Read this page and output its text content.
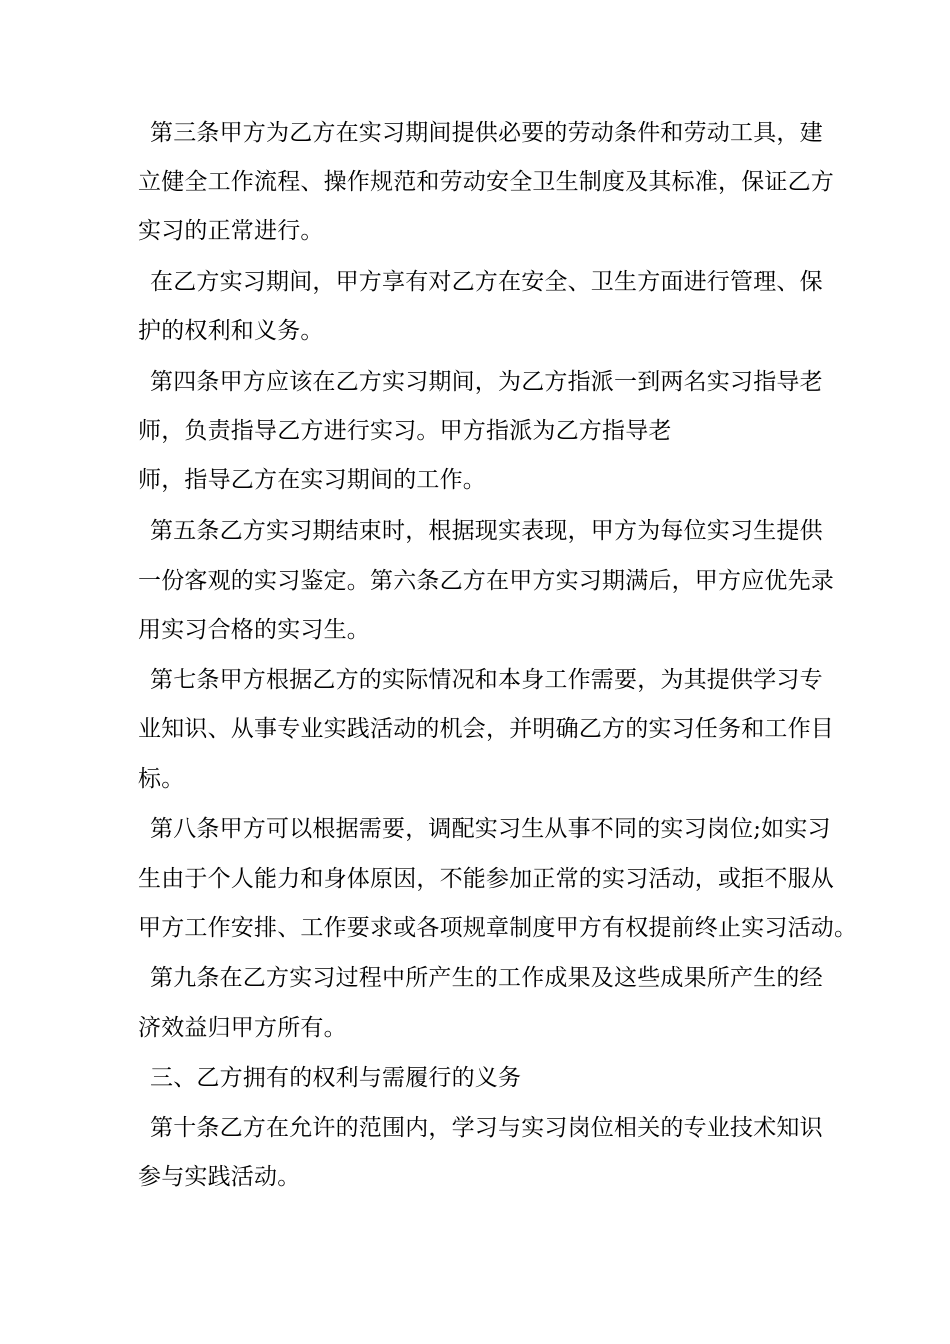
第三条甲方为乙方在实习期间提供必要的劳动条件和劳动工具，建

立健全工作流程、操作规范和劳动安全卫生制度及其标准，保证乙方

实习的正常进行。

在乙方实习期间，甲方享有对乙方在安全、卫生方面进行管理、保

护的权利和义务。

第四条甲方应该在乙方实习期间，为乙方指派一到两名实习指导老

师，负责指导乙方进行实习。甲方指派为乙方指导老

师，指导乙方在实习期间的工作。

第五条乙方实习期结束时，根据现实表现，甲方为每位实习生提供

一份客观的实习鉴定。第六条乙方在甲方实习期满后，甲方应优先录

用实习合格的实习生。

第七条甲方根据乙方的实际情况和本身工作需要，为其提供学习专

业知识、从事专业实践活动的机会，并明确乙方的实习任务和工作目

标。

第八条甲方可以根据需要，调配实习生从事不同的实习岗位;如实习

生由于个人能力和身体原因，不能参加正常的实习活动，或拒不服从

甲方工作安排、工作要求或各项规章制度甲方有权提前终止实习活动。

第九条在乙方实习过程中所产生的工作成果及这些成果所产生的经

济效益归甲方所有。

三、乙方拥有的权利与需履行的义务

第十条乙方在允许的范围内，学习与实习岗位相关的专业技术知识

参与实践活动。
